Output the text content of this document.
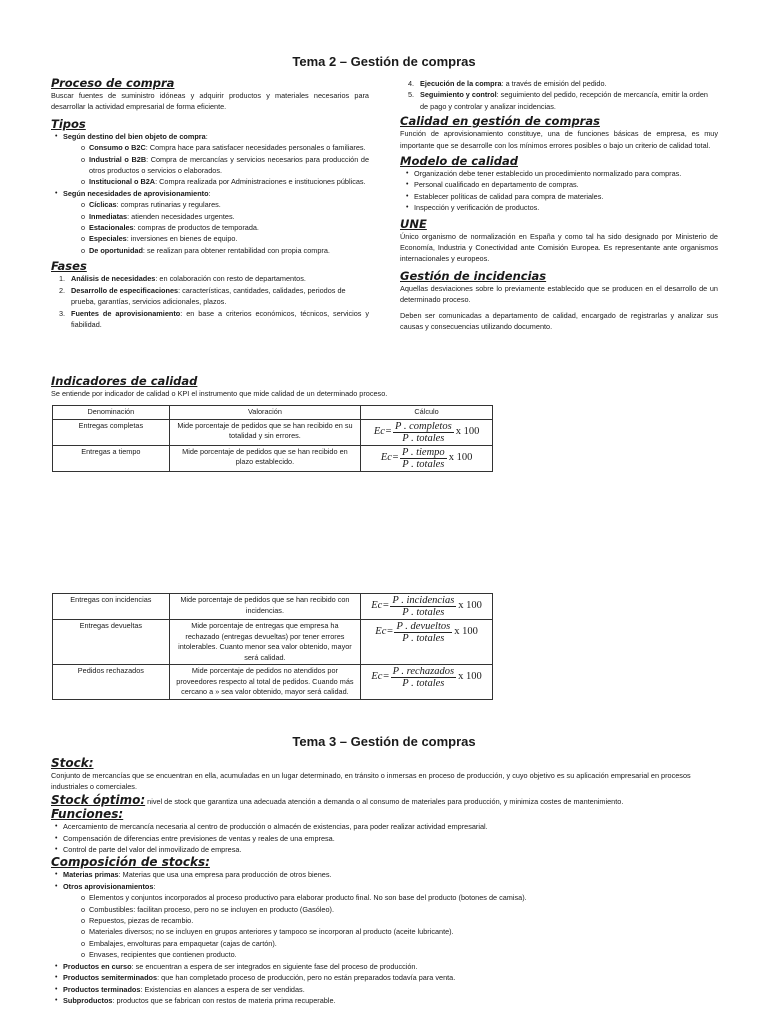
Tema 2 – Gestión de compras
Proceso de compra
Buscar fuentes de suministro idóneas y adquirir productos y materiales necesarios para desarrollar la actividad empresarial de forma eficiente.
Tipos
• Según destino del bien objeto de compra:
o Consumo o B2C: Compra hace para satisfacer necesidades personales o familiares.
o Industrial o B2B: Compra de mercancías y servicios necesarios para producción de otros productos o servicios o elaborados.
o Institucional o B2A: Compra realizada por Administraciones e instituciones públicas.
• Según necesidades de aprovisionamiento:
o Cíclicas: compras rutinarias y regulares.
o Inmediatas: atienden necesidades urgentes.
o Estacionales: compras de productos de temporada.
o Especiales: inversiones en bienes de equipo.
o De oportunidad: se realizan para obtener rentabilidad con propia compra.
Fases
1. Análisis de necesidades: en colaboración con resto de departamentos.
2. Desarrollo de especificaciones: características, cantidades, calidades, periodos de prueba, garantías, servicios adicionales, plazos.
3. Fuentes de aprovisionamiento: en base a criterios económicos, técnicos, servicios y fiabilidad.
4. Ejecución de la compra: a través de emisión del pedido.
5. Seguimiento y control: seguimiento del pedido, recepción de mercancía, emitir la orden de pago y controlar y analizar incidencias.
Calidad en gestión de compras
Función de aprovisionamiento constituye, una de funciones básicas de empresa, es muy importante que se desarrolle con los mínimos errores posibles o bajo un criterio de calidad total.
Modelo de calidad
• Organización debe tener establecido un procedimiento normalizado para compras.
• Personal cualificado en departamento de compras.
• Establecer políticas de calidad para compra de materiales.
• Inspección y verificación de productos.
UNE
Único organismo de normalización en España y como tal ha sido designado por Ministerio de Economía, Industria y Conectividad ante Comisión Europea. Es representante ante organismos internacionales y europeos.
Gestión de incidencias
Aquellas desviaciones sobre lo previamente establecido que se producen en el desarrollo de un determinado proceso.
Deben ser comunicadas a departamento de calidad, encargado de registrarlas y analizar sus causas y consecuencias utilizando documento.
Indicadores de calidad
Se entiende por indicador de calidad o KPI el instrumento que mide calidad de un determinado proceso.
Denominación	Valoración	Cálculo
Entregas completas	Mide porcentaje de pedidos que se han recibido en su totalidad y sin errores.	$Ec= \frac{\text{P . completos}}{\text{P . totales}}$ x 100

Entregas a tiempo	Mide porcentaje de pedidos que se han recibido en plazo establecido.	$Ec= \frac{\text{P . tiempo}}{\text{P . totales}}$ x 100
Entregas con incidencias	Mide porcentaje de pedidos que se han recibido con incidencias.	$Ec= \frac{\text{P . incidencias}}{\text{P . totales}}$ x 100

Entregas devueltas	Mide porcentaje de entregas que empresa ha rechazado (entregas devueltas) por tener errores intolerables. Cuanto menor sea valor obtenido, mayor será calidad.	$Ec= \frac{\text{P . devueltos}}{\text{P . totales}}$ x 100

Pedidos rechazados	Mide porcentaje de pedidos no atendidos por proveedores respecto al total de pedidos. Cuando más cercano a » sea valor obtenido, mayor será calidad.	$Ec= \frac{\text{P . rechazados}}{\text{P . totales}}$ x 100
Tema 3 – Gestión de compras
Stock:
Conjunto de mercancías que se encuentran en ella, acumuladas en un lugar determinado, en tránsito o inmersas en proceso de producción, y cuyo objetivo es su aplicación empresarial en procesos industriales o comerciales.
Stock óptimo: nivel de stock que garantiza una adecuada atención a demanda o al consumo de materiales para producción, y minimiza costes de mantenimiento.
Funciones:
• Acercamiento de mercancía necesaria al centro de producción o almacén de existencias, para poder realizar actividad empresarial.
• Compensación de diferencias entre previsiones de ventas y reales de una empresa.
• Control de parte del valor del inmovilizado de empresa.
Composición de stocks:
• Materias primas: Materias que usa una empresa para producción de otros bienes.
• Otros aprovisionamientos:
o Elementos y conjuntos incorporados al proceso productivo para elaborar producto final. No son base del producto (botones de camisa).
o Combustibles: facilitan proceso, pero no se incluyen en producto (Gasóleo).
o Repuestos, piezas de recambio.
o Materiales diversos; no se incluyen en grupos anteriores y tampoco se incorporan al producto (aceite lubricante).
o Embalajes, envolturas para empaquetar (cajas de cartón).
o Envases, recipientes que contienen producto.
• Productos en curso: se encuentran a espera de ser integrados en siguiente fase del proceso de producción.
• Productos semiterminados: que han completado proceso de producción, pero no están preparados todavía para venta.
• Productos terminados: Existencias en alances a espera de ser vendidas.
• Subproductos: productos que se fabrican con restos de materia prima recuperable.
